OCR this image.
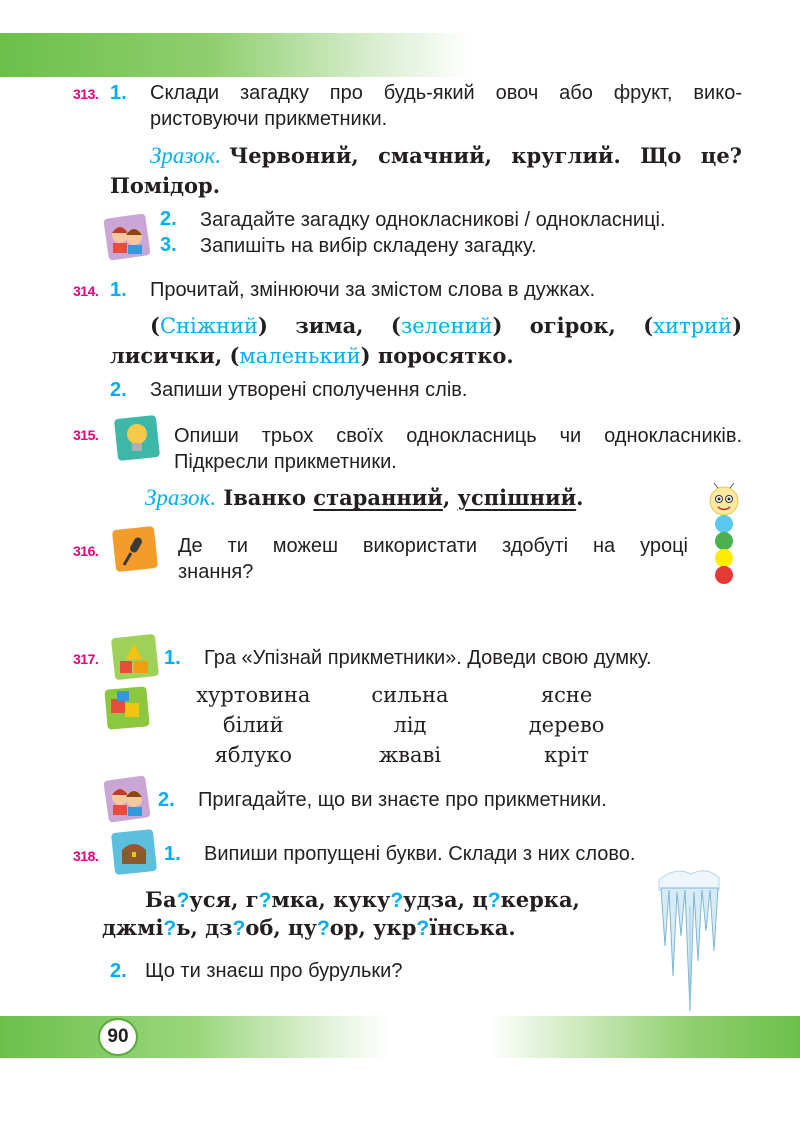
90
313. 1. Склади загадку про будь-який овоч або фрукт, вико-
ристовуючи прикметники.
Зразок. Червоний, смачний, круглий. Що це?
Помідор.
2. Загадайте загадку однокласникові / однокласниці.
3. Запишіть на вибір складену загадку.
314. 1. Прочитай, змінюючи за змістом слова в дужках.
(Сніжний) зима, (зелений) огірок, (хитрий)
лисички, (маленький) поросятко.
2. Запиши утворені сполучення слів.
315.	Опиши трьох своїх однокласниць чи однокласників.
Підкресли прикметники.
Зразок. Іванко старанний, успішний.
316.	Де ти можеш використати здобуті на уроці
знання?
317.	1. Гра «Упізнай прикметники». Доведи свою думку.
хуртовина	сильна	ясне
білий	лід	дерево
яблуко	жваві	кріт
2. Пригадайте, що ви знаєте про прикметники.
318.	1. Випиши пропущені букви. Склади з них слово.
Ба?уся, г?мка, куку?удза, ц?керка,
джмі?ь, дз?об, цу?ор, укр?їнська.
2. Що ти знаєш про бурульки?
